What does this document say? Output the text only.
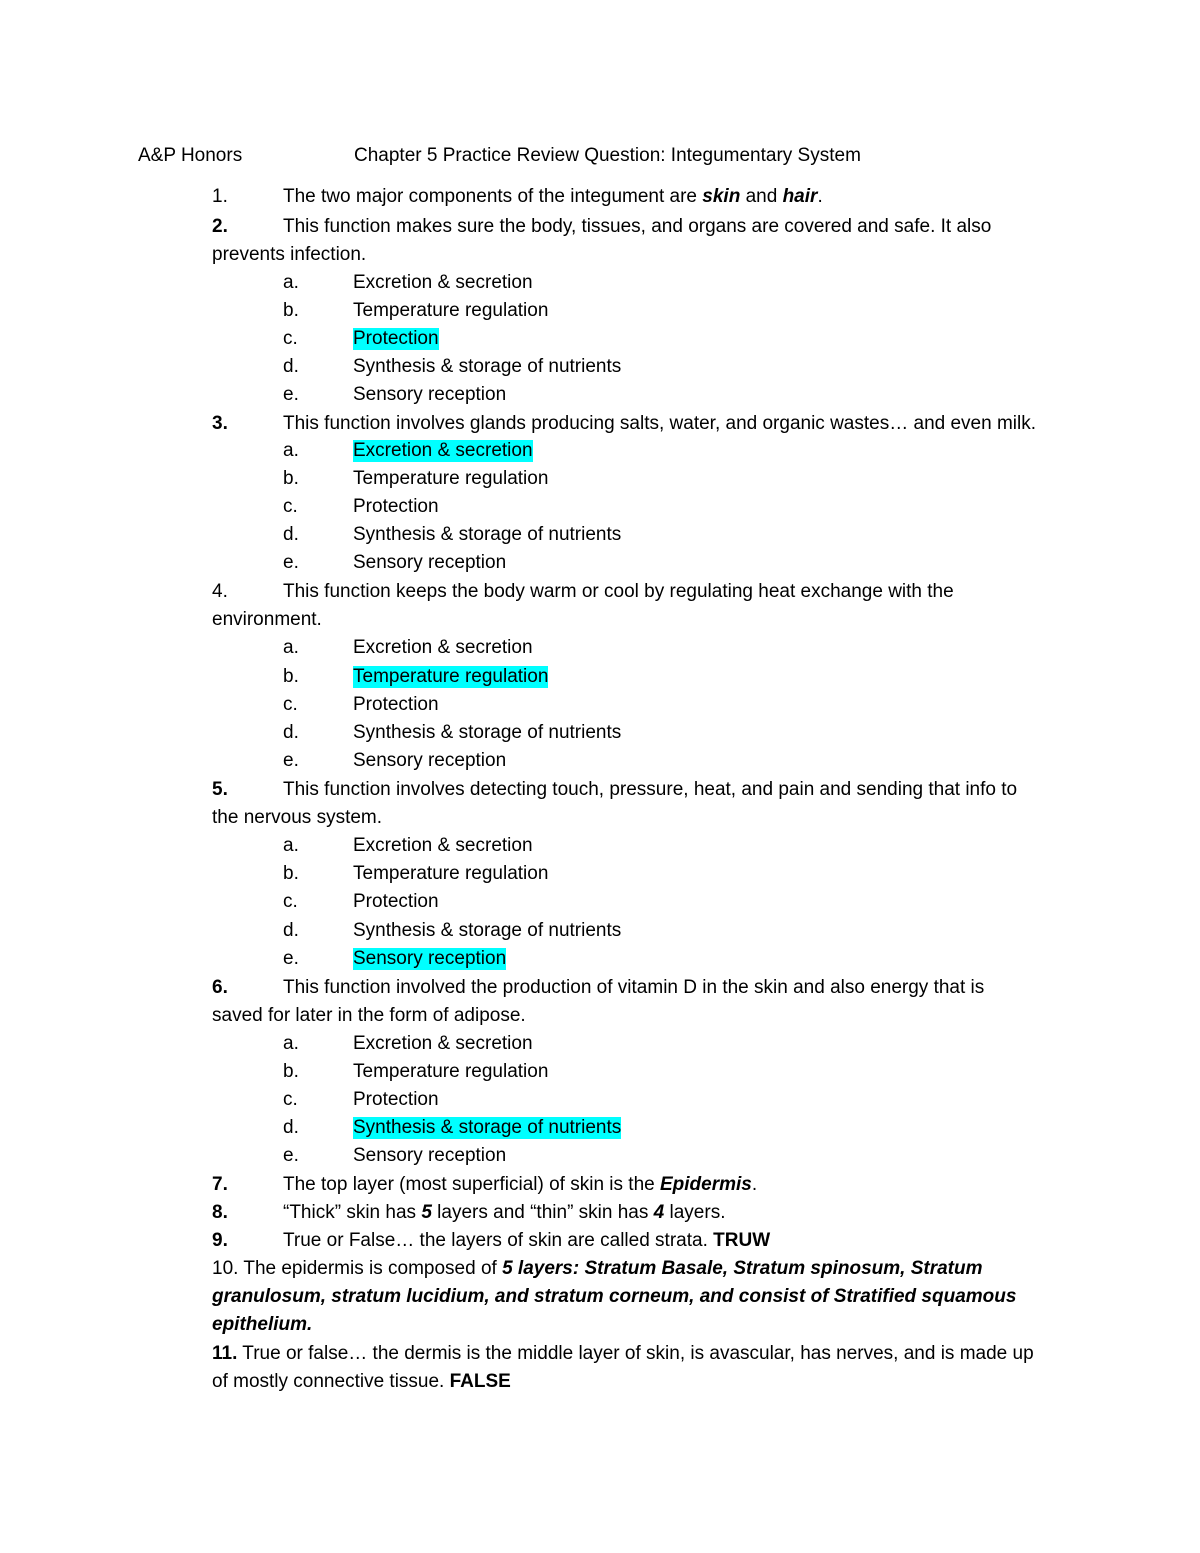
A&P Honors	Chapter 5 Practice Review Question: Integumentary System
1.	The two major components of the integument are skin and hair.
2.	This function makes sure the body, tissues, and organs are covered and safe. It also
prevents infection.
a.	Excretion & secretion
b.	Temperature regulation
c.	Protection
d.	Synthesis & storage of nutrients
e.	Sensory reception
3.	This function involves glands producing salts, water, and organic wastes… and even milk.
a.	Excretion & secretion
b.	Temperature regulation
c.	Protection
d.	Synthesis & storage of nutrients
e.	Sensory reception
4.	This function keeps the body warm or cool by regulating heat exchange with the
environment.
a.	Excretion & secretion
b.	Temperature regulation
c.	Protection
d.	Synthesis & storage of nutrients
e.	Sensory reception
5.	This function involves detecting touch, pressure, heat, and pain and sending that info to
the nervous system.
a.	Excretion & secretion
b.	Temperature regulation
c.	Protection
d.	Synthesis & storage of nutrients
e.	Sensory reception
6.	This function involved the production of vitamin D in the skin and also energy that is
saved for later in the form of adipose.
a.	Excretion & secretion
b.	Temperature regulation
c.	Protection
d.	Synthesis & storage of nutrients
e.	Sensory reception
7.	The top layer (most superficial) of skin is the Epidermis.
8.	“Thick” skin has 5 layers and “thin” skin has 4 layers.
9.	True or False… the layers of skin are called strata. TRUW
10. The epidermis is composed of 5 layers: Stratum Basale, Stratum spinosum, Stratum
granulosum, stratum lucidium, and stratum corneum, and consist of Stratified squamous
epithelium.
11. True or false… the dermis is the middle layer of skin, is avascular, has nerves, and is made up
of mostly connective tissue. FALSE
